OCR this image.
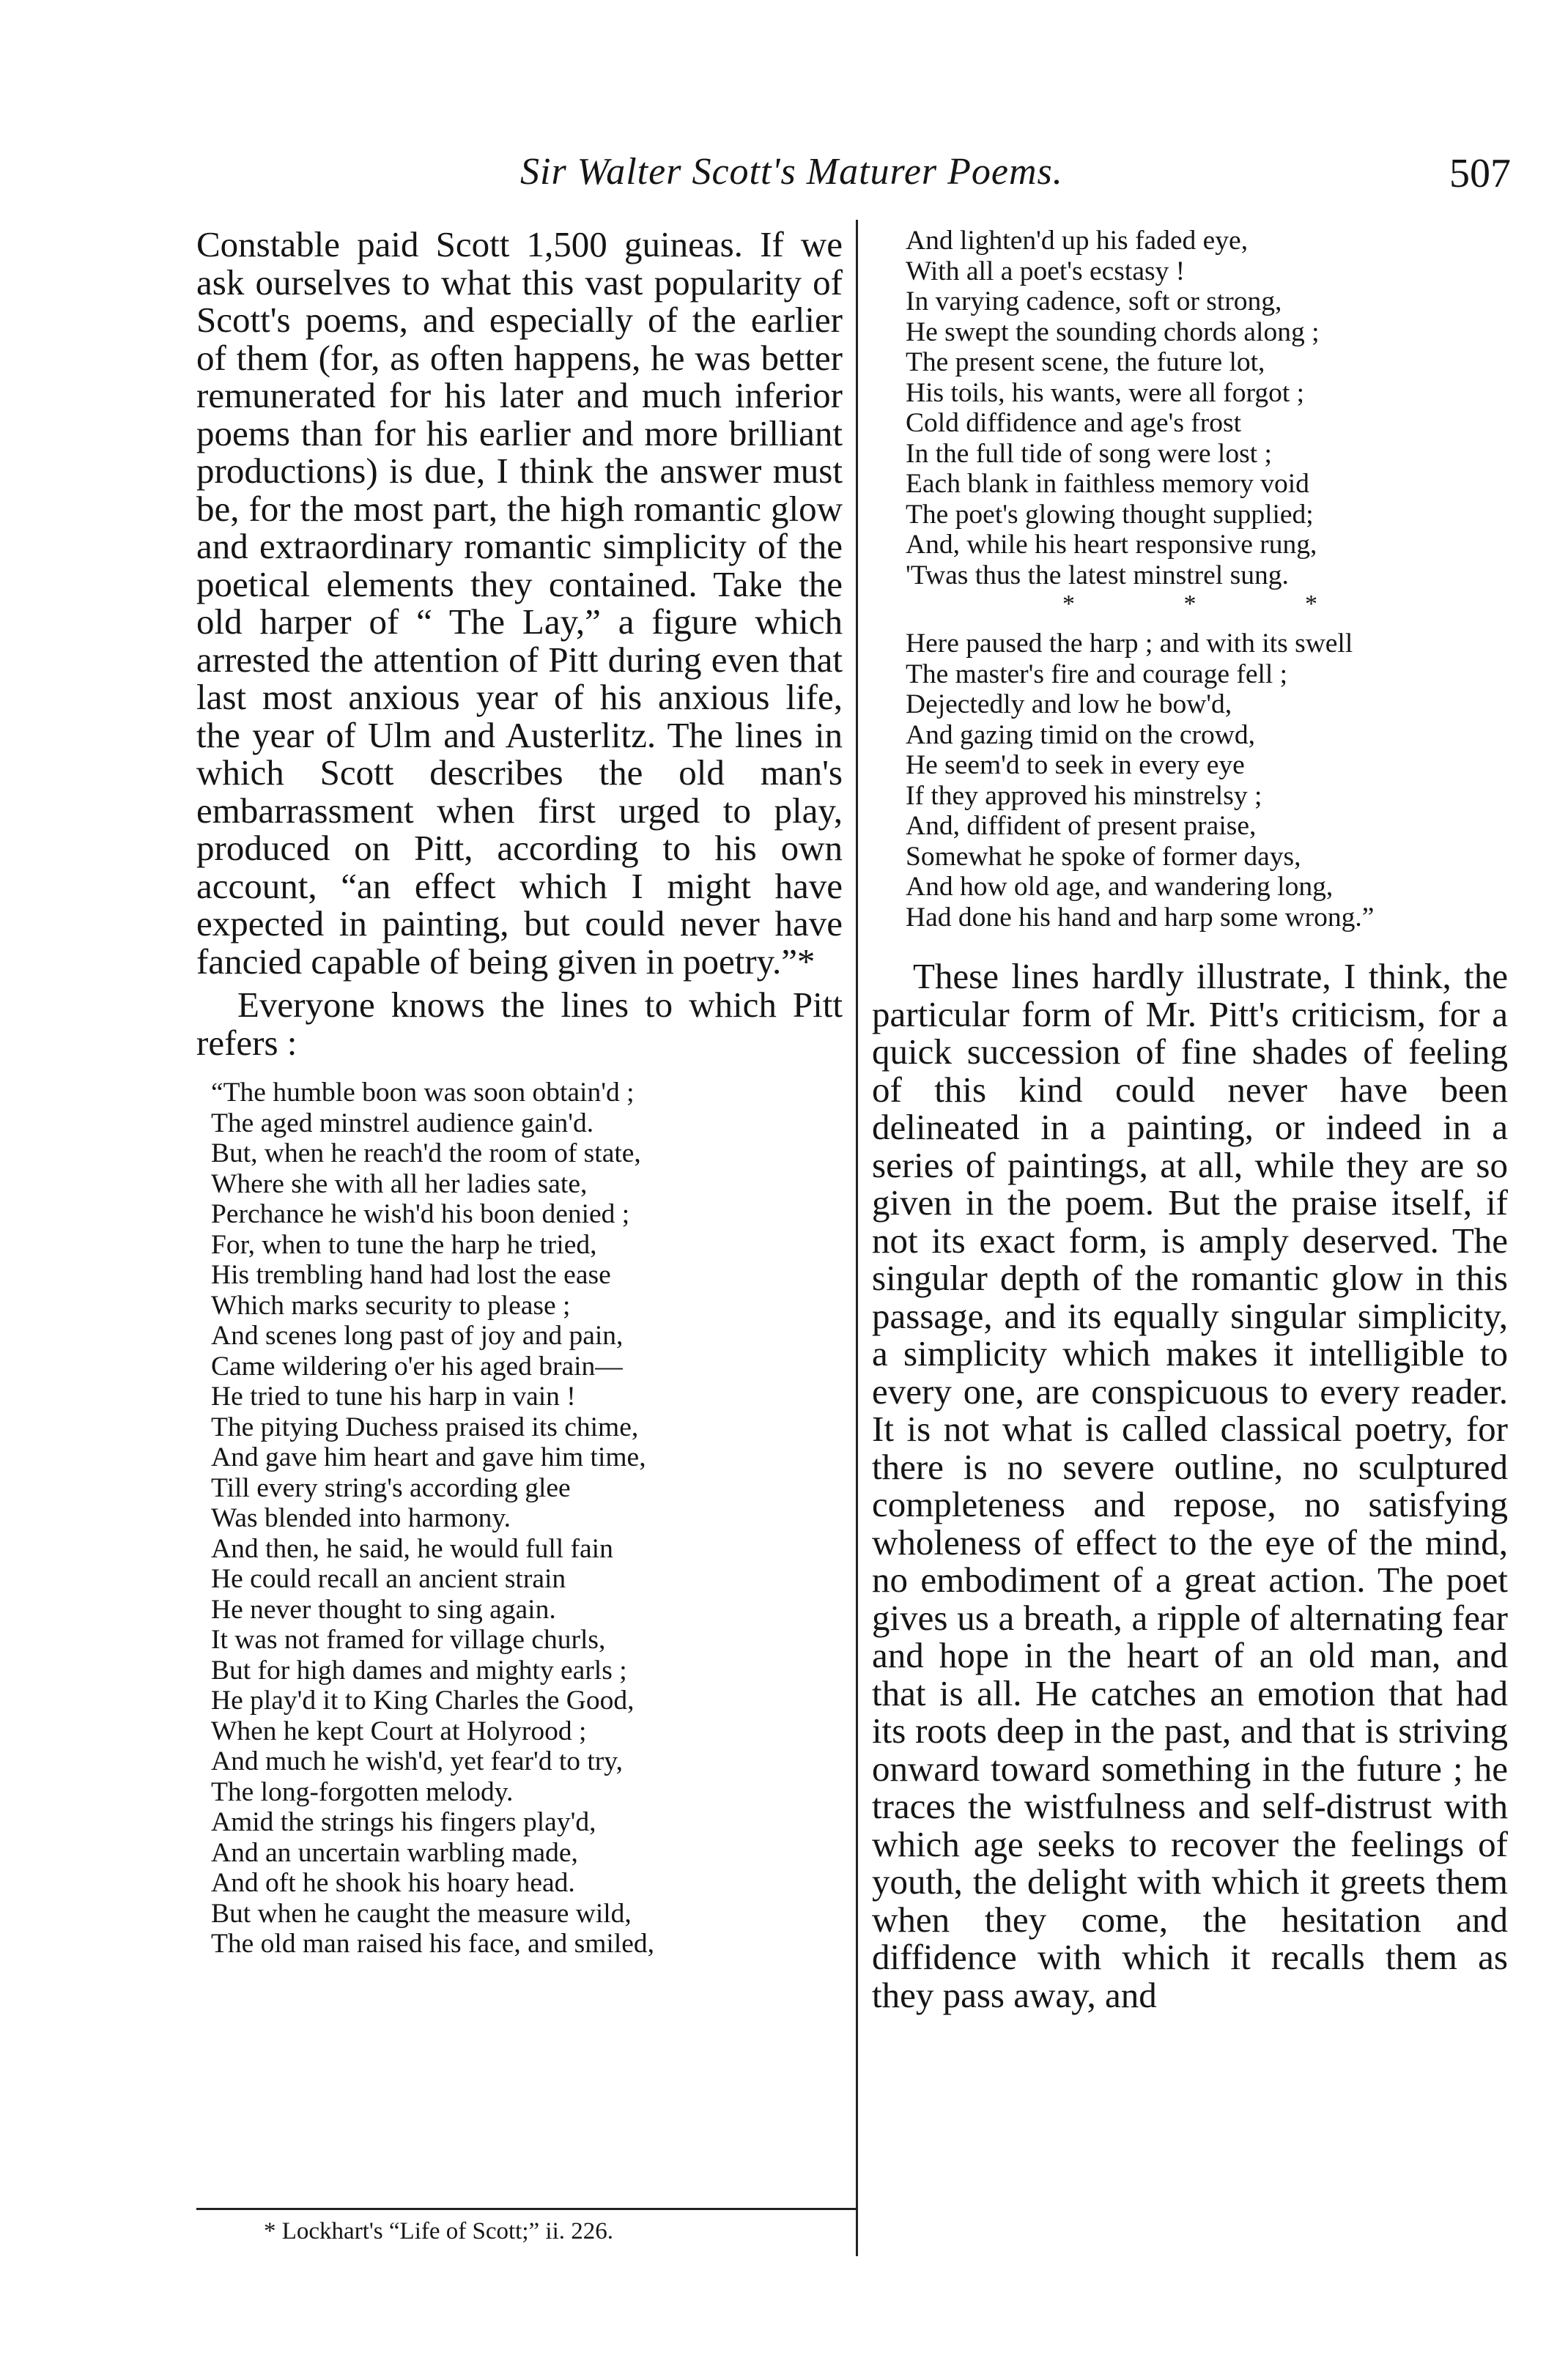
Sir Walter Scott's Maturer Poems.	507

Constable paid Scott 1,500 guineas. If we ask ourselves to what this vast popularity of Scott's poems, and especially of the earlier of them (for, as often happens, he was better remunerated for his later and much inferior poems than for his earlier and more brilliant productions) is due, I think the answer must be, for the most part, the high romantic glow and extraordinary romantic simplicity of the poetical elements they contained. Take the old harper of “ The Lay,” a figure which arrested the attention of Pitt during even that last most anxious year of his anxious life, the year of Ulm and Austerlitz. The lines in which Scott describes the old man's embarrassment when first urged to play, produced on Pitt, according to his own account, “an effect which I might have expected in painting, but could never have fancied capable of being given in poetry.”*

Everyone knows the lines to which Pitt refers :

“The humble boon was soon obtain'd ;
The aged minstrel audience gain'd.
But, when he reach'd the room of state,
Where she with all her ladies sate,
Perchance he wish'd his boon denied ;
For, when to tune the harp he tried,
His trembling hand had lost the ease
Which marks security to please ;
And scenes long past of joy and pain,
Came wildering o'er his aged brain—
He tried to tune his harp in vain !
The pitying Duchess praised its chime,
And gave him heart and gave him time,
Till every string's according glee
Was blended into harmony.
And then, he said, he would full fain
He could recall an ancient strain
He never thought to sing again.
It was not framed for village churls,
But for high dames and mighty earls ;
He play'd it to King Charles the Good,
When he kept Court at Holyrood ;
And much he wish'd, yet fear'd to try,
The long-forgotten melody.
Amid the strings his fingers play'd,
And an uncertain warbling made,
And oft he shook his hoary head.
But when he caught the measure wild,
The old man raised his face, and smiled,
And lighten'd up his faded eye,
With all a poet's ecstasy !
In varying cadence, soft or strong,
He swept the sounding chords along ;
The present scene, the future lot,
His toils, his wants, were all forgot ;
Cold diffidence and age's frost
In the full tide of song were lost ;
Each blank in faithless memory void
The poet's glowing thought supplied;
And, while his heart responsive rung,
'Twas thus the latest minstrel sung.
* * *
Here paused the harp ; and with its swell
The master's fire and courage fell ;
Dejectedly and low he bow'd,
And gazing timid on the crowd,
He seem'd to seek in every eye
If they approved his minstrelsy ;
And, diffident of present praise,
Somewhat he spoke of former days,
And how old age, and wandering long,
Had done his hand and harp some wrong.”

These lines hardly illustrate, I think, the particular form of Mr. Pitt's criticism, for a quick succession of fine shades of feeling of this kind could never have been delineated in a painting, or indeed in a series of paintings, at all, while they are so given in the poem. But the praise itself, if not its exact form, is amply deserved. The singular depth of the romantic glow in this passage, and its equally singular simplicity, a simplicity which makes it intelligible to every one, are conspicuous to every reader. It is not what is called classical poetry, for there is no severe outline, no sculptured completeness and repose, no satisfying wholeness of effect to the eye of the mind, no embodiment of a great action. The poet gives us a breath, a ripple of alternating fear and hope in the heart of an old man, and that is all. He catches an emotion that had its roots deep in the past, and that is striving onward toward something in the future ; he traces the wistfulness and self-distrust with which age seeks to recover the feelings of youth, the delight with which it greets them when they come, the hesitation and diffidence with which it recalls them as they pass away, and

* Lockhart's “Life of Scott;” ii. 226.
